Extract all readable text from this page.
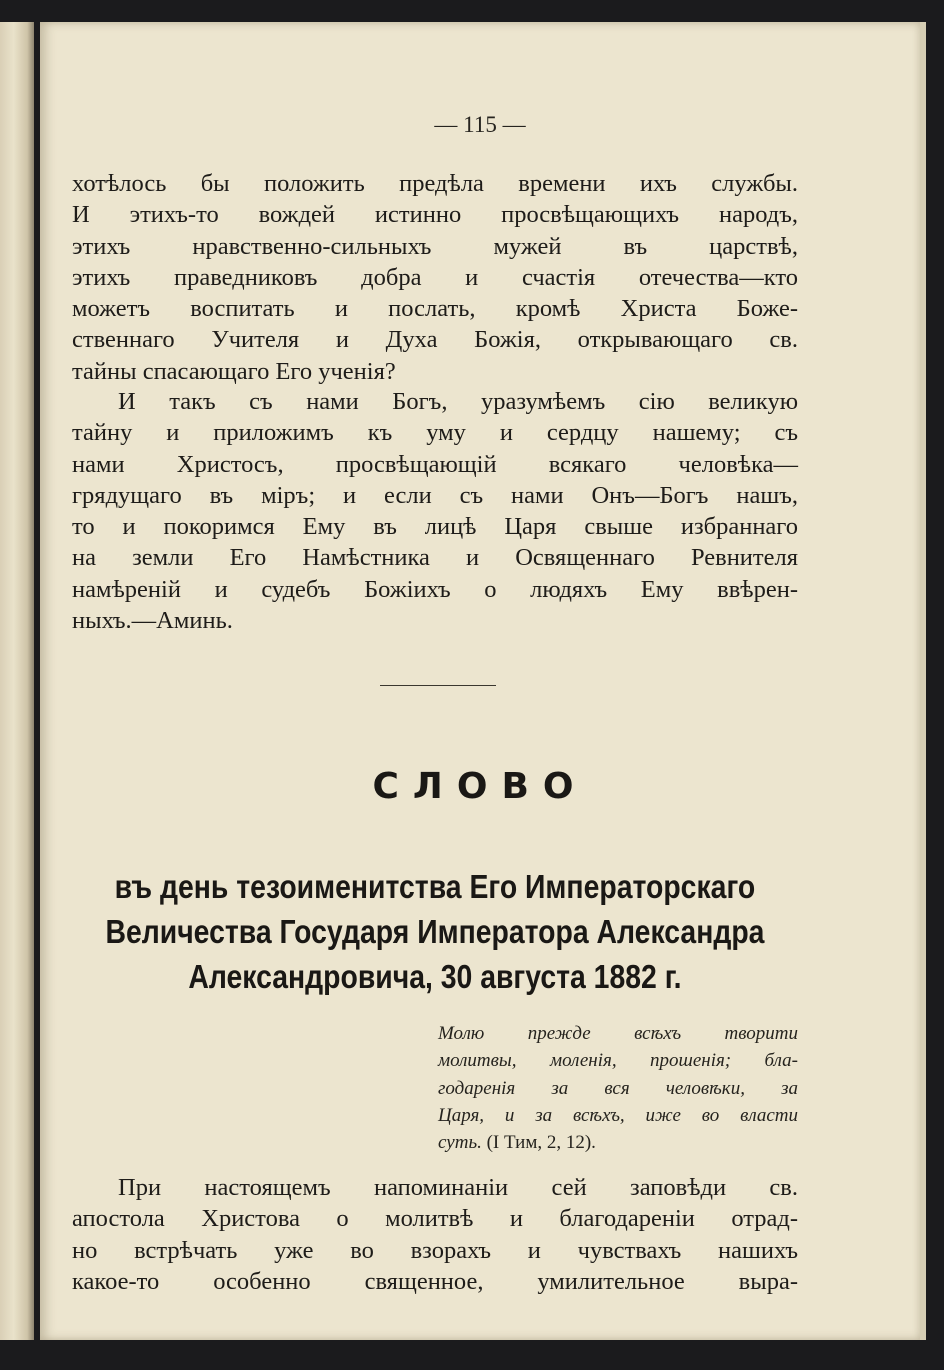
— 115 —
хотѣлось бы положить предѣла времени ихъ службы.
И этихъ-то вождей истинно просвѣщающихъ народъ,
этихъ нравственно-сильныхъ мужей въ царствѣ,
этихъ праведниковъ добра и счастія отечества—кто
можетъ воспитать и послать, кромѣ Христа Боже-
ственнаго Учителя и Духа Божія, открывающаго св.
тайны спасающаго Его ученія?
И такъ съ нами Богъ, уразумѣемъ сію великую
тайну и приложимъ къ уму и сердцу нашему; съ
нами Христосъ, просвѣщающій всякаго человѣка—
грядущаго въ міръ; и если съ нами Онъ—Богъ нашъ,
то и покоримся Ему въ лицѣ Царя свыше избраннаго
на земли Его Намѣстника и Освященнаго Ревнителя
намѣреній и судебъ Божіихъ о людяхъ Ему ввѣрен-
ныхъ.—Аминь.
СЛОВО
въ день тезоименитства Его Императорскаго
Величества Государя Императора Александра
Александровича, 30 августа 1882 г.
Молю прежде всѣхъ творити
молитвы, моленія, прошенія; бла-
годаренія за вся человѣки, за
Царя, и за всѣхъ, иже во власти
суть. (I Тим, 2, 12).
При настоящемъ напоминаніи сей заповѣди св.
апостола Христова о молитвѣ и благодареніи отрад-
но встрѣчать уже во взорахъ и чувствахъ нашихъ
какое-то особенно священное, умилительное выра-
